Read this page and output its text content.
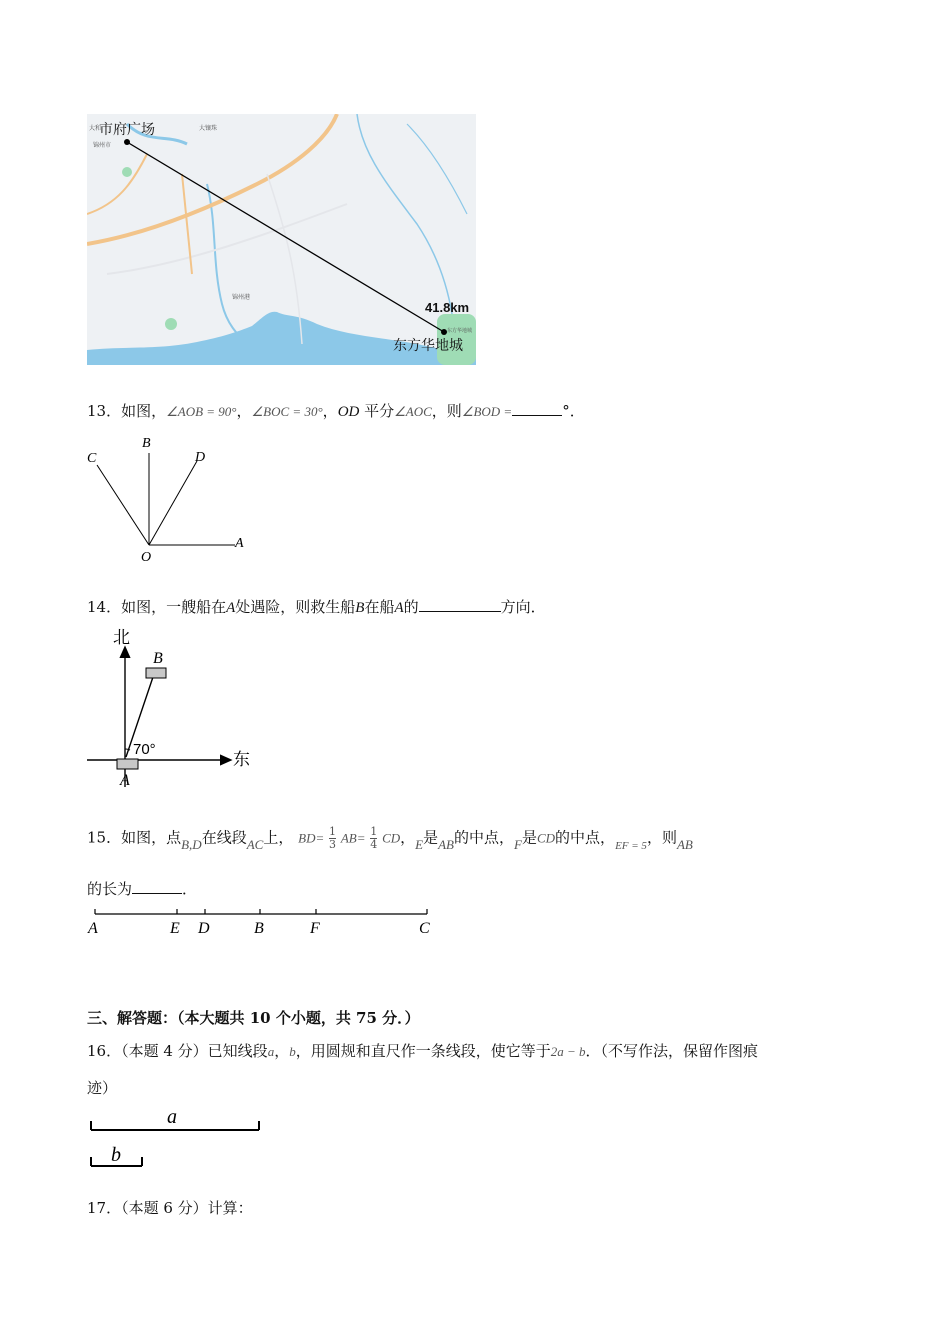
大和
锦州市
大镶珠
锦州港
东方华地城
市府广场
41.8km
东方华地城
13．如图，∠AOB = 90°，∠BOC = 30°，OD 平分∠AOC，则∠BOD =	°．
C
B
D
O
A
14．如图，一艘船在A处遇险，则救生船B在船A的	方向．
北
东
B
A
70°
15．如图，点B,D在线段AC上， $BD= \frac{1}{3} AB= \frac{1}{4}$ CD，E是AB的中点，F是CD的中点，$_{EF = 5}$，则AB
的长为	．
A	E D	B	F	C
三、解答题：（本大题共 10 个小题，共 75 分．）
16．（本题 4 分）已知线段a，b，用圆规和直尺作一条线段，使它等于2a − b．（不写作法，保留作图痕
迹）
a
b
17．（本题 6 分）计算：
